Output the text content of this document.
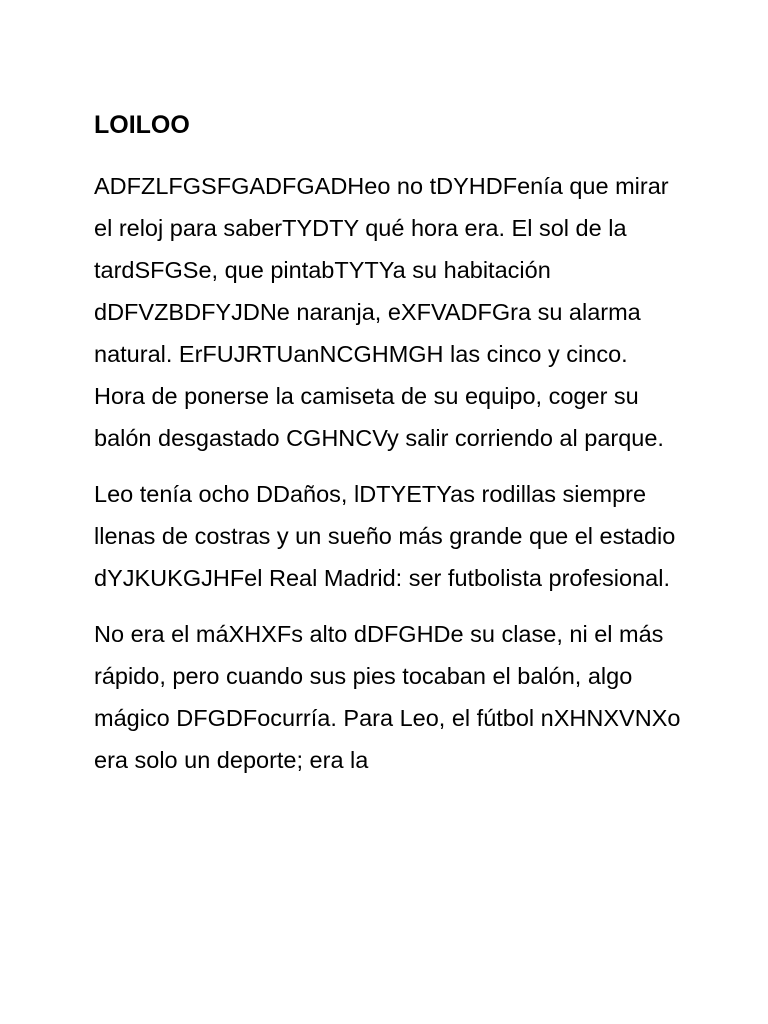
LOILOO

ADFZLFGSFGADFGADHeo no tDYHDFenía que mirar el reloj para saberTYDTY qué hora era. El sol de la tardSFGSe, que pintabTYTYa su habitación dDFVZBDFYJDNe naranja, eXFVADFGra su alarma natural. ErFUJRTUanNCGHMGH las cinco y cinco. Hora de ponerse la camiseta de su equipo, coger su balón desgastado CGHNCVy salir corriendo al parque.

Leo tenía ocho DDaños, lDTYETYas rodillas siempre llenas de costras y un sueño más grande que el estadio dYJKUKGJHFel Real Madrid: ser futbolista profesional.

No era el máXHXFs alto dDFGHDe su clase, ni el más rápido, pero cuando sus pies tocaban el balón, algo mágico DFGDFocurría. Para Leo, el fútbol nXHNXVNXo era solo un deporte; era la
